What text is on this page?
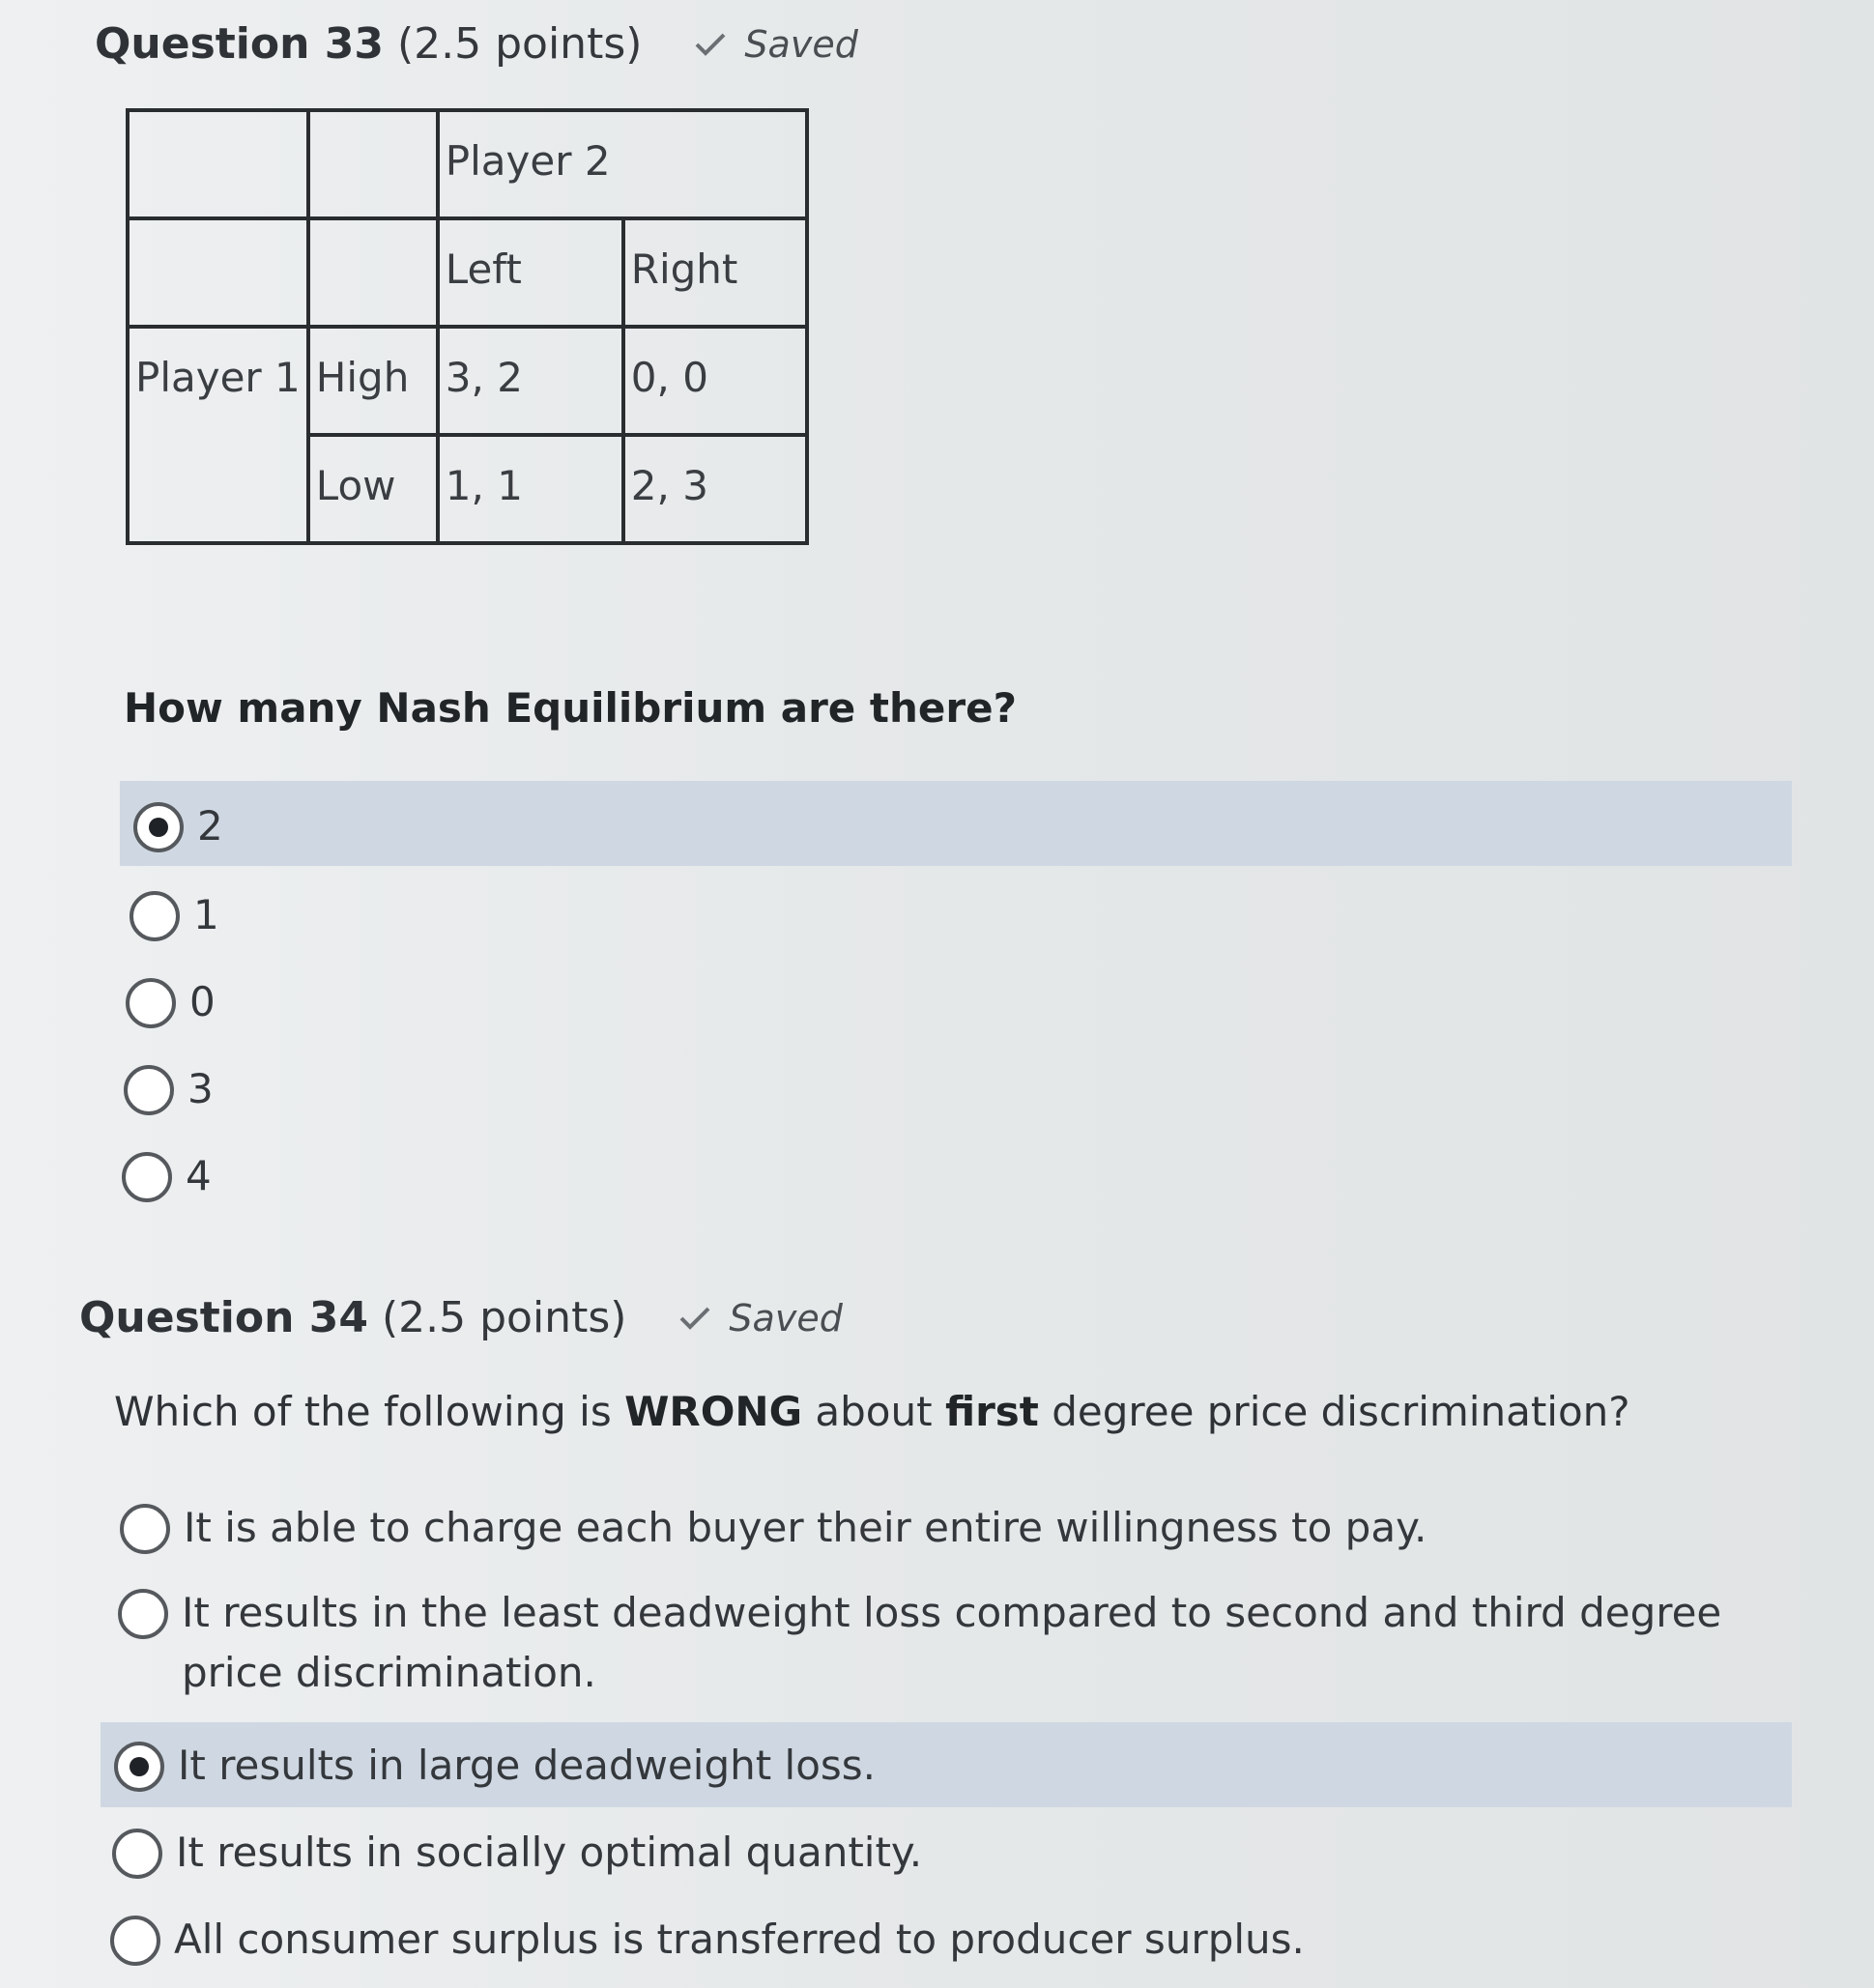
Question 33 (2.5 points)	Saved
		Player 2	
		Left	Right
Player 1	High	3, 2	0, 0
	Low	1, 1	2, 3
How many Nash Equilibrium are there?
2
1
0
3
4
Question 34 (2.5 points)	Saved
Which of the following is WRONG about first degree price discrimination?
It is able to charge each buyer their entire willingness to pay.
It results in the least deadweight loss compared to second and third degree price discrimination.
It results in large deadweight loss.
It results in socially optimal quantity.
All consumer surplus is transferred to producer surplus.
